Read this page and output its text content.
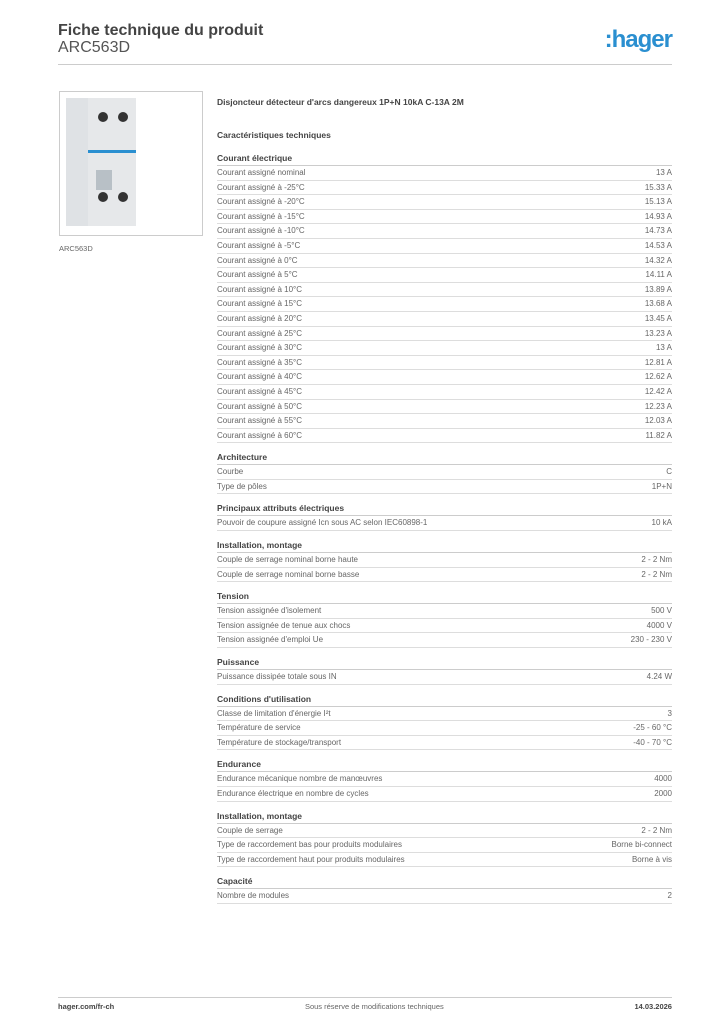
Fiche technique du produit
ARC563D	:hager
ARC563D
Disjoncteur détecteur d'arcs dangereux 1P+N 10kA C-13A 2M
Caractéristiques techniques
Courant électrique
Courant assigné nominal	13 A
Courant assigné à -25°C	15.33 A
Courant assigné à -20°C	15.13 A
Courant assigné à -15°C	14.93 A
Courant assigné à -10°C	14.73 A
Courant assigné à -5°C	14.53 A
Courant assigné à 0°C	14.32 A
Courant assigné à 5°C	14.11 A
Courant assigné à 10°C	13.89 A
Courant assigné à 15°C	13.68 A
Courant assigné à 20°C	13.45 A
Courant assigné à 25°C	13.23 A
Courant assigné à 30°C	13 A
Courant assigné à 35°C	12.81 A
Courant assigné à 40°C	12.62 A
Courant assigné à 45°C	12.42 A
Courant assigné à 50°C	12.23 A
Courant assigné à 55°C	12.03 A
Courant assigné à 60°C	11.82 A
Architecture
Courbe	C
Type de pôles	1P+N
Principaux attributs électriques
Pouvoir de coupure assigné Icn sous AC selon IEC60898-1	10 kA
Installation, montage
Couple de serrage nominal borne haute	2 - 2 Nm
Couple de serrage nominal borne basse	2 - 2 Nm
Tension
Tension assignée d'isolement	500 V
Tension assignée de tenue aux chocs	4000 V
Tension assignée d'emploi Ue	230 - 230 V
Puissance
Puissance dissipée totale sous IN	4.24 W
Conditions d'utilisation
Classe de limitation d'énergie I²t	3
Température de service	-25 - 60 °C
Température de stockage/transport	-40 - 70 °C
Endurance
Endurance mécanique nombre de manœuvres	4000
Endurance électrique en nombre de cycles	2000
Installation, montage
Couple de serrage	2 - 2 Nm
Type de raccordement bas pour produits modulaires	Borne bi-connect
Type de raccordement haut pour produits modulaires	Borne à vis
Capacité
Nombre de modules	2
hager.com/fr-ch	Sous réserve de modifications techniques	14.03.2026
